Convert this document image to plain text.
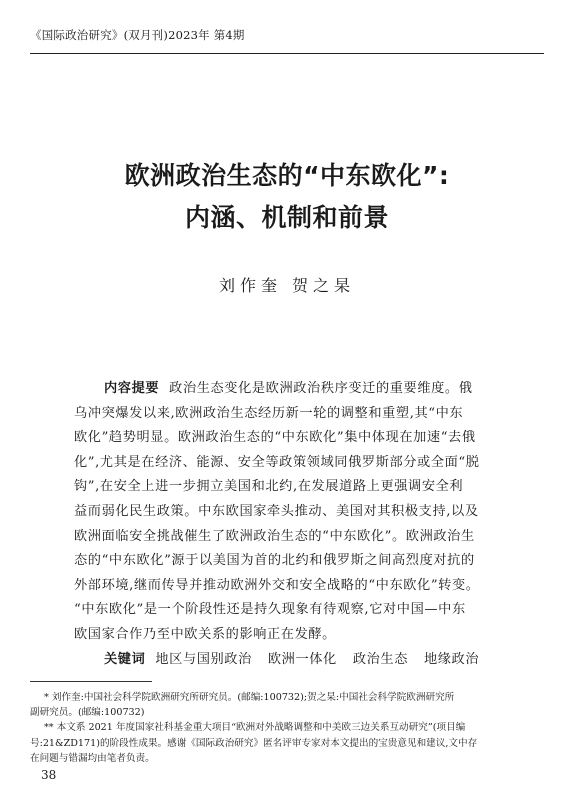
《国际政治研究》(双月刊)2023年 第4期
欧洲政治生态的“中东欧化”:
内涵、机制和前景
刘作奎 贺之杲
内容提要 政治生态变化是欧洲政治秩序变迁的重要维度。俄
乌冲突爆发以来,欧洲政治生态经历新一轮的调整和重塑,其“中东
欧化”趋势明显。欧洲政治生态的“中东欧化”集中体现在加速“去俄
化”,尤其是在经济、能源、安全等政策领域同俄罗斯部分或全面“脱
钩”,在安全上进一步拥立美国和北约,在发展道路上更强调安全利
益而弱化民生政策。中东欧国家牵头推动、美国对其积极支持,以及
欧洲面临安全挑战催生了欧洲政治生态的“中东欧化”。欧洲政治生
态的“中东欧化”源于以美国为首的北约和俄罗斯之间高烈度对抗的
外部环境,继而传导并推动欧洲外交和安全战略的“中东欧化”转变。
“中东欧化”是一个阶段性还是持久现象有待观察,它对中国—中东
欧国家合作乃至中欧关系的影响正在发酵。
关键词 地区与国别政治 欧洲一体化 政治生态 地缘政治
* 刘作奎:中国社会科学院欧洲研究所研究员。(邮编:100732);贺之杲:中国社会科学院欧洲研究所
副研究员。(邮编:100732)
** 本文系 2021 年度国家社科基金重大项目“欧洲对外战略调整和中美欧三边关系互动研究”(项目编
号:21&ZD171)的阶段性成果。感谢《国际政治研究》匿名评审专家对本文提出的宝贵意见和建议,文中存
在问题与错漏均由笔者负责。
38
